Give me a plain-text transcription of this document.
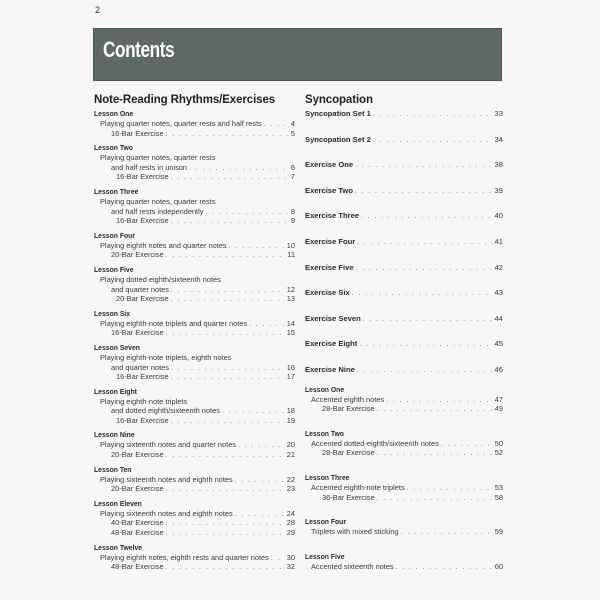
2
Contents
Note-Reading Rhythms/Exercises
Lesson One
Playing quarter notes, quarter rests and half rests . . .	4
16-Bar Exercise . . .	5
Lesson Two
Playing quarter notes, quarter rests
and half rests in unison . . .	6
16-Bar Exercise . . .	7
Lesson Three
Playing quarter notes, quarter rests
and half rests independently . . .	8
16-Bar Exercise . . .	9
Lesson Four
Playing eighth notes and quarter notes . . .	10
20-Bar Exercise . . .	11
Lesson Five
Playing dotted eighth/sixteenth notes
and quarter notes . . .	12
20-Bar Exercise . . .	13
Lesson Six
Playing eighth-note triplets and quarter notes . . .	14
16-Bar Exercise . . .	15
Lesson Seven
Playing eighth-note triplets, eighth notes
and quarter notes . . .	16
16-Bar Exercise . . .	17
Lesson Eight
Playing eighth-note triplets
and dotted eighth/sixteenth notes . . .	18
16-Bar Exercise . . .	19
Lesson Nine
Playing sixteenth notes and quarter notes . . .	20
20-Bar Exercise . . .	21
Lesson Ten
Playing sixteenth notes and eighth notes . . .	22
20-Bar Exercise . . .	23
Lesson Eleven
Playing sixteenth notes and eighth notes . . .	24
40-Bar Exercise . . .	28
48-Bar Exercise . . .	29
Lesson Twelve
Playing eighth notes, eighth rests and quarter notes . . . 30
48-Bar Exercise . . .	32
Syncopation
Syncopation Set 1 . . .	33
Syncopation Set 2 . . .	34
Exercise One . . .	38
Exercise Two . . .	39
Exercise Three . . .	40
Exercise Four . . .	41
Exercise Five . . .	42
Exercise Six . . .	43
Exercise Seven . . .	44
Exercise Eight . . .	45
Exercise Nine . . .	46
Lesson One
Accented eighth notes . . .	47
28-Bar Exercise . . .	49
Lesson Two
Accented dotted-eighth/sixteenth notes . . .	50
28-Bar Exercise . . .	52
Lesson Three
Accented eighth-note triplets . . .	53
36-Bar Exercise . . .	58
Lesson Four
Triplets with mixed sticking . . .	59
Lesson Five
Accented sixteenth notes . . .	60
